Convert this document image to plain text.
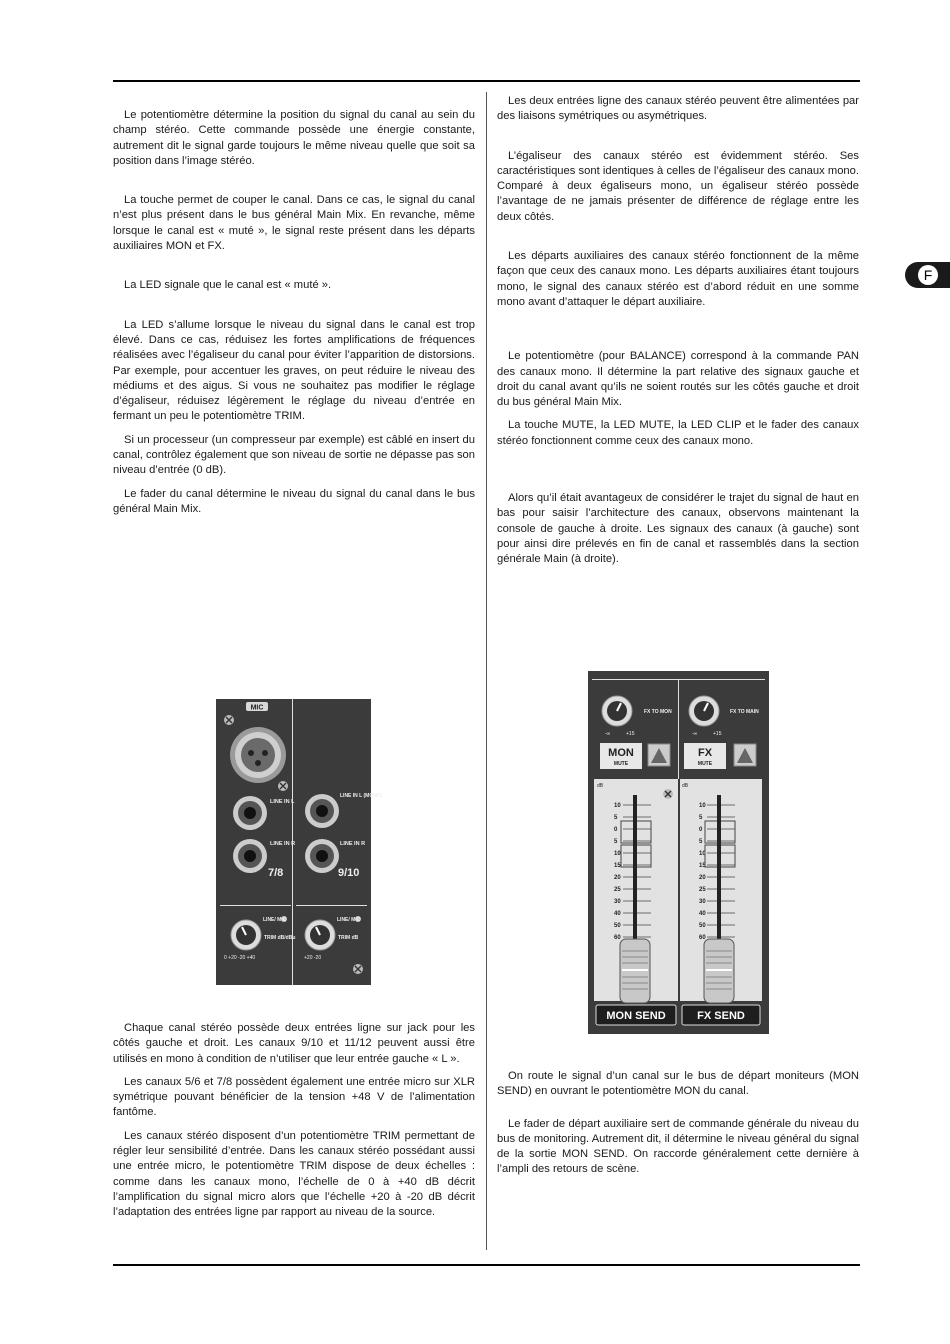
F

Le potentiomètre détermine la position du signal du canal au sein du champ stéréo. Cette commande possède une énergie constante, autrement dit le signal garde toujours le même niveau quelle que soit sa position dans l’image stéréo.

La touche permet de couper le canal. Dans ce cas, le signal du canal n’est plus présent dans le bus général Main Mix. En revanche, même lorsque le canal est « muté », le signal reste présent dans les départs auxiliaires MON et FX.

La LED signale que le canal est « muté ».

La LED s’allume lorsque le niveau du signal dans le canal est trop élevé. Dans ce cas, réduisez les fortes amplifications de fréquences réalisées avec l’égaliseur du canal pour éviter l’apparition de distorsions. Par exemple, pour accentuer les graves, on peut réduire le niveau des médiums et des aigus. Si vous ne souhaitez pas modifier le réglage d’égaliseur, réduisez légèrement le réglage du niveau d’entrée en fermant un peu le potentiomètre TRIM.

Si un processeur (un compresseur par exemple) est câblé en insert du canal, contrôlez également que son niveau de sortie ne dépasse pas son niveau d’entrée (0 dB).

Le fader du canal détermine le niveau du signal du canal dans le bus général Main Mix.

Chaque canal stéréo possède deux entrées ligne sur jack pour les côtés gauche et droit. Les canaux 9/10 et 11/12 peuvent aussi être utilisés en mono à condition de n’utiliser que leur entrée gauche « L ».

Les canaux 5/6 et 7/8 possèdent également une entrée micro sur XLR symétrique pouvant bénéficier de la tension +48 V de l’alimentation fantôme.

Les canaux stéréo disposent d’un potentiomètre TRIM permettant de régler leur sensibilité d’entrée. Dans les canaux stéréo possédant aussi une entrée micro, le potentiomètre TRIM dispose de deux échelles : comme dans les canaux mono, l’échelle de 0 à +40 dB décrit l’amplification du signal micro alors que l’échelle +20 à -20 dB décrit l’adaptation des entrées ligne par rapport au niveau de la source.

Les deux entrées ligne des canaux stéréo peuvent être alimentées par des liaisons symétriques ou asymétriques.

L’égaliseur des canaux stéréo est évidemment stéréo. Ses caractéristiques sont identiques à celles de l’égaliseur des canaux mono. Comparé à deux égaliseurs mono, un égaliseur stéréo possède l’avantage de ne jamais présenter de différence de réglage entre les deux côtés.

Les départs auxiliaires des canaux stéréo fonctionnent de la même façon que ceux des canaux mono. Les départs auxiliaires étant toujours mono, le signal des canaux stéréo est d’abord réduit en une somme mono avant d’attaquer le départ auxiliaire.

Le potentiomètre (pour BALANCE) correspond à la commande PAN des canaux mono. Il détermine la part relative des signaux gauche et droit du canal avant qu’ils ne soient routés sur les côtés gauche et droit du bus général Main Mix.

La touche MUTE, la LED MUTE, la LED CLIP et le fader des canaux stéréo fonctionnent comme ceux des canaux mono.

Alors qu’il était avantageux de considérer le trajet du signal de haut en bas pour saisir l’architecture des canaux, observons maintenant la console de gauche à droite. Les signaux des canaux (à gauche) sont pour ainsi dire prélevés en fin de canal et rassemblés dans la section générale Main (à droite).

On route le signal d’un canal sur le bus de départ moniteurs (MON SEND) en ouvrant le potentiomètre MON du canal.

Le fader de départ auxiliaire sert de commande générale du niveau du bus de monitoring. Autrement dit, il détermine le niveau général du signal de la sortie MON SEND. On raccorde généralement cette dernière à l’ampli des retours de scène.

MIC
LINE IN L
LINE IN R
7/8
LINE IN L (MONO)
LINE IN R
9/10
LINE/ MIC	LINE/ MIC
TRIM dB/dBu	TRIM dB
0 +20 -20 +40	+20 -20
FX TO MON	FX TO MAIN
-∞	+15	-∞	+15
MON
MUTE
FX
MUTE
dB	dB
10
5
0
5
10
15
20
25
30
40
50
60
10
5
0
5
10
15
20
25
30
40
50
60
MON SEND	FX SEND
